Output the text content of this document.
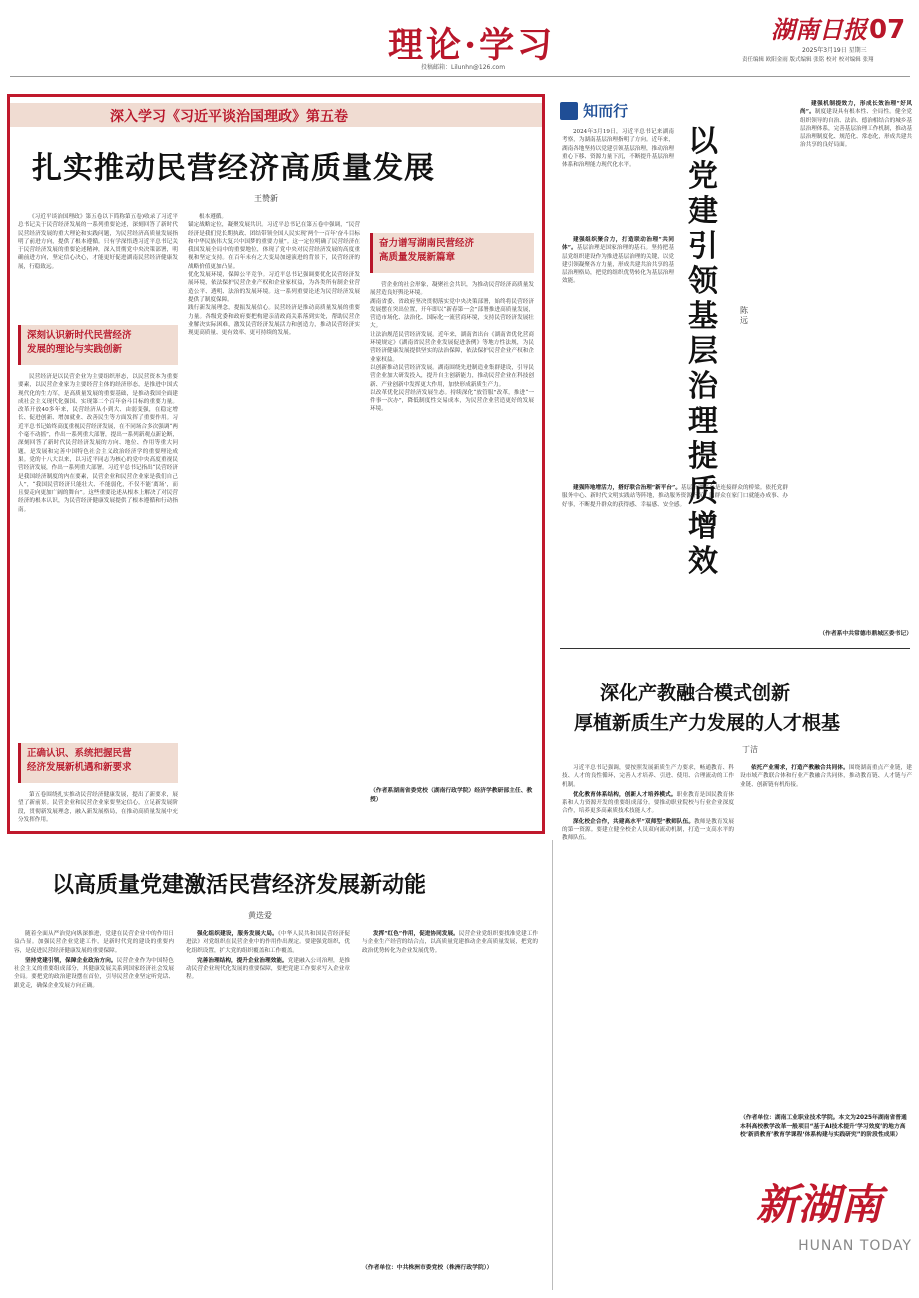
理论·学习
投稿邮箱：Lilunhn@126.com
湖南日报07
2025年3月19日 星期三
责任编辑 欧阳金雨 版式编辑 张铭 校对 校对编辑 张翔
深入学习《习近平谈治国理政》第五卷
扎实推动民营经济高质量发展
王赞新

《习近平谈治国理政》第五卷以下简称第五卷)收录了习近平总书记关于民营经济发展的一系列重要论述，深刻回答了新时代民营经济发展的重大理论和实践问题，为民营经济高质量发展指明了前进方向，提供了根本遵循。只有学深悟透习近平总书记关于民营经济发展的重要论述精神，深入贯彻党中央决策部署，明确前进方向，坚定信心决心，才能更好促进湖南民营经济健康发展，行稳致远。

深刻认识新时代民营经济
发展的理论与实践创新

民营经济是以民营企业为主要组织形态，以民营资本为重要要素，以民营企业家为主要经营主体的经济形态，是推进中国式现代化的生力军，是高质量发展的重要基础，是推动我国全面建成社会主义现代化强国、实现第二个百年奋斗目标的重要力量。改革开放40多年来，民营经济从小到大、由弱变强，在稳定增长、促进创新、增加就业、改善民生等方面发挥了重要作用。习近平总书记始终高度重视民营经济发展，在不同场合多次强调“两个毫不动摇”，作出一系列重大部署，提出一系列新观点新论断，深刻回答了新时代民营经济发展的方向、地位、作用等重大问题，是发展和完善中国特色社会主义政治经济学的重要理论成果。党的十八大以来，以习近平同志为核心的党中央高度重视民营经济发展，作出一系列重大部署。习近平总书记指出“民营经济是我国经济制度的内在要素，民营企业和民营企业家是我们自己人”，“我国民营经济只能壮大、不能弱化，不仅不能‘离场’，而且要走向更加广阔的舞台”。这些重要论述从根本上解决了对民营经济的根本认识，为民营经济健康发展提供了根本遵循和行动指南。

正确认识、系统把握民营
经济发展新机遇和新要求

第五卷围绕扎实推动民营经济健康发展，提出了新要求，展望了新前景。民营企业和民营企业家要坚定信心，立足新发展阶段，贯彻新发展理念，融入新发展格局，在推动高质量发展中充分发挥作用。

根本遵循。
锚定战略定位，凝聚发展共识。习近平总书记在第五卷中强调，“民营经济是我们党长期执政、团结带领全国人民实现‘两个一百年’奋斗目标和中华民族伟大复兴中国梦的重要力量”。这一定位明确了民营经济在我国发展全局中的重要地位，体现了党中央对民营经济发展的高度重视和坚定支持。在百年未有之大变局加速演进的背景下，民营经济的战略价值更加凸显。
优化发展环境，保障公平竞争。习近平总书记强调要优化民营经济发展环境，依法保护民营企业产权和企业家权益，为各类所有制企业营造公平、透明、法治的发展环境。这一系列重要论述为民营经济发展提供了制度保障。
践行新发展理念，提振发展信心。民营经济是推动高质量发展的重要力量。各级党委和政府要把构建亲清政商关系落到实处，帮助民营企业解决实际困难，激发民营经济发展活力和创造力，推动民营经济实现更高质量、更有效率、更可持续的发展。
奋力谱写湖南民营经济
高质量发展新篇章
营企业的社会形象，凝聚社会共识，为推动民营经济高质量发展营造良好舆论环境。
湖南省委、省政府坚决贯彻落实党中央决策部署，始终将民营经济发展摆在突出位置，开年即以“新春第一会”部署推进高质量发展，营造市场化、法治化、国际化一流营商环境，支持民营经济发展壮大。
让法治规范民营经济发展。近年来，湖南省出台《湖南省优化营商环境规定》《湖南省民营企业发展促进条例》等地方性法规，为民营经济健康发展提供坚实的法治保障，依法保护民营企业产权和企业家权益。
以创新推动民营经济发展。湖南围绕先进制造业集群建设，引导民营企业加大研发投入，提升自主创新能力，推动民营企业在科技创新、产业创新中发挥更大作用，加快形成新质生产力。
以改革优化民营经济发展生态。持续深化“放管服”改革，推进“一件事一次办”，降低制度性交易成本，为民营企业营造更好的发展环境。
（作者系湖南省委党校（湖南行政学院）经济学教研部主任、教授）
知而行
2024年3月19日，习近平总书记来湖南考察，为湖南基层治理指明了方向。近年来，湖南各地坚持以党建引领基层治理，推动治理重心下移、资源力量下沉，不断提升基层治理体系和治理能力现代化水平。

建强组织聚合力，打造联动治理“共同体”。基层治理是国家治理的基石。坚持把基层党组织建设作为推进基层治理的关键，以党建引领凝聚各方力量，形成共建共治共享的基层治理格局，把党的组织优势转化为基层治理效能。

建强阵地增活力，搭好联合治理“新平台”。基层治理平台是连接群众的桥梁。依托党群服务中心、新时代文明实践站等阵地，推动服务资源下沉，让群众在家门口就能办成事、办好事，不断提升群众的获得感、幸福感、安全感。

以党建引领基层治理提质增效
陈远

建强机制提效力，形成长效治理“好风尚”。制度建设具有根本性、全局性。健全党组织领导的自治、法治、德治相结合的城乡基层治理体系，完善基层治理工作机制，推动基层治理制度化、规范化、常态化，形成共建共治共享的良好局面。

（作者系中共常德市鼎城区委书记）
深化产教融合模式创新
厚植新质生产力发展的人才根基
丁洁

习近平总书记强调，要按照发展新质生产力要求，畅通教育、科技、人才的良性循环，完善人才培养、引进、使用、合理流动的工作机制。

优化教育体系结构，创新人才培养模式。职业教育是国民教育体系和人力资源开发的重要组成部分。要推动职业院校与行业企业深度合作，培养更多高素质技术技能人才。

深化校企合作，共建高水平“双师型”教师队伍。教师是教育发展的第一资源。要建立健全校企人员双向流动机制，打造一支高水平的教师队伍。

依托产业需求，打造产教融合共同体。围绕湖南重点产业链，建设市域产教联合体和行业产教融合共同体，推动教育链、人才链与产业链、创新链有机衔接。

（作者单位：湖南工业职业技术学院。本文为2025年湖南省普通本科高校教学改革一般项目“基于AI技术提升‘学习效度’的地方高校‘新质教育’教育学课程‘体系构建与实践研究”的阶段性成果）
新湖南
HUNAN TODAY
以高质量党建激活民营经济发展新动能
黄迭爱

随着全面从严治党向纵深推进，党建在民营企业中的作用日益凸显。加强民营企业党建工作，是新时代党的建设的重要内容，是促进民营经济健康发展的重要保障。

坚持党建引领，保障企业政治方向。民营企业作为中国特色社会主义的重要组成部分，其健康发展关系到国家经济社会发展全局。要把党的政治建设摆在首位，引导民营企业坚定听党话、跟党走，确保企业发展方向正确。

强化组织建设，服务发展大局。《中华人民共和国民营经济促进法》对党组织在民营企业中的作用作出规定。要建强党组织，优化组织设置，扩大党的组织覆盖和工作覆盖。

完善治理结构，提升企业治理效能。党建融入公司治理，是推动民营企业现代化发展的重要保障，要把党建工作要求写入企业章程。

发挥“红色”作用，促进协同发展。民营企业党组织要找准党建工作与企业生产经营的结合点，以高质量党建推动企业高质量发展，把党的政治优势转化为企业发展优势。

（作者单位：中共株洲市委党校（株洲行政学院））
